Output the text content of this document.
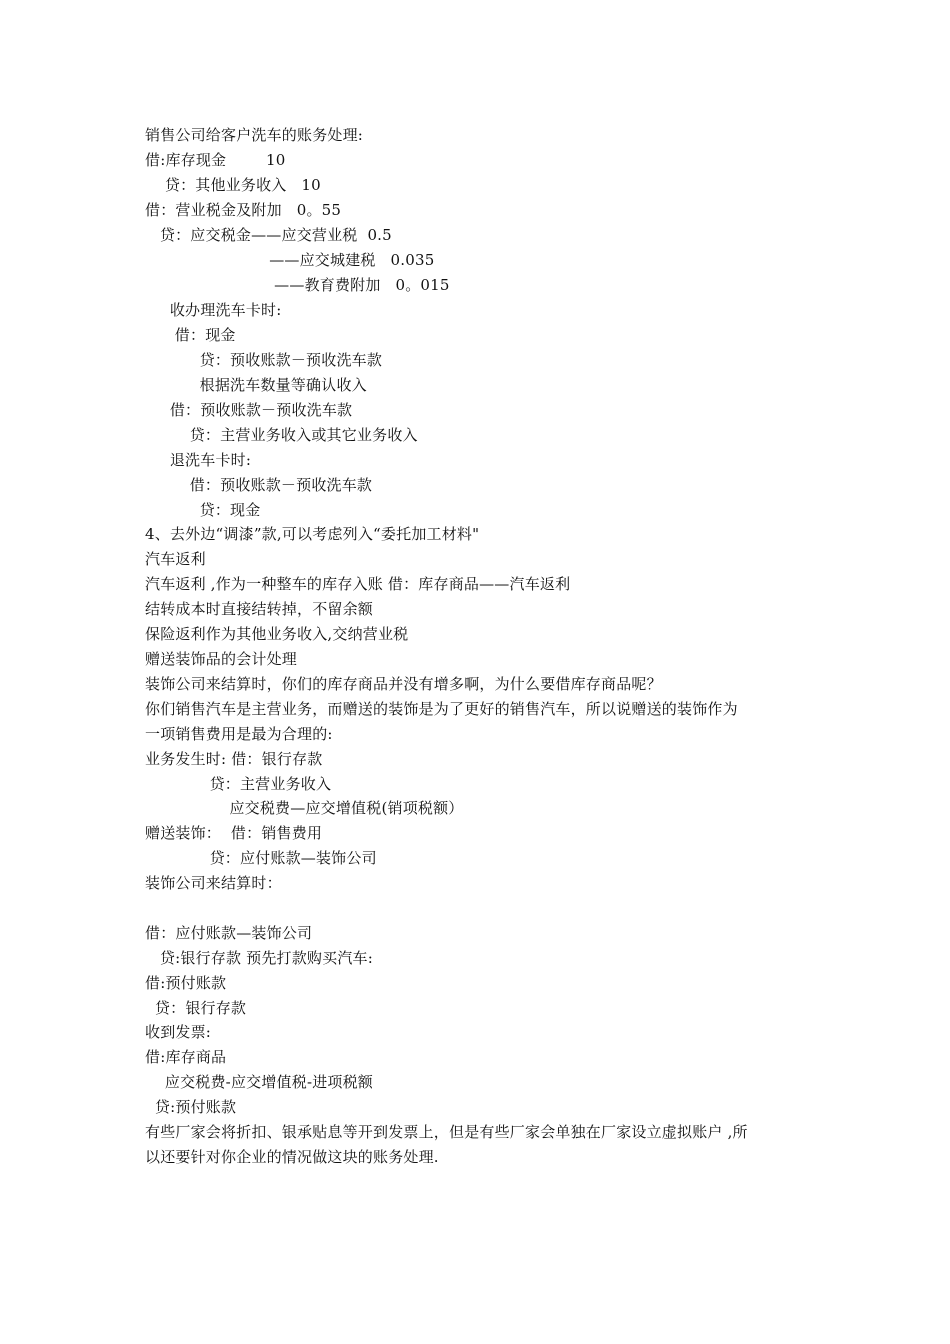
销售公司给客户洗车的账务处理:
借:库存现金        10
贷：其他业务收入   10
借：营业税金及附加   0。55
贷：应交税金——应交营业税  0.5
——应交城建税   0.035
——教育费附加   0。015
收办理洗车卡时:
借：现金
贷：预收账款－预收洗车款
根据洗车数量等确认收入
借：预收账款－预收洗车款
贷：主营业务收入或其它业务收入
退洗车卡时:
借：预收账款－预收洗车款
贷：现金
4、去外边“调漆”款,可以考虑列入“委托加工材料"
汽车返利
汽车返利 ,作为一种整车的库存入账 借：库存商品——汽车返利
结转成本时直接结转掉，不留余额
保险返利作为其他业务收入,交纳营业税
赠送装饰品的会计处理
装饰公司来结算时，你们的库存商品并没有增多啊，为什么要借库存商品呢？
你们销售汽车是主营业务，而赠送的装饰是为了更好的销售汽车，所以说赠送的装饰作为
一项销售费用是最为合理的:
业务发生时: 借：银行存款
贷：主营业务收入
应交税费—应交增值税(销项税额）
赠送装饰：  借：销售费用
贷：应付账款—装饰公司
装饰公司来结算时：
借：应付账款—装饰公司
贷:银行存款 预先打款购买汽车:
借:预付账款
贷：银行存款
收到发票:
借:库存商品
应交税费-应交增值税-进项税额
贷:预付账款
有些厂家会将折扣、银承贴息等开到发票上，但是有些厂家会单独在厂家设立虚拟账户 ,所
以还要针对你企业的情况做这块的账务处理.
